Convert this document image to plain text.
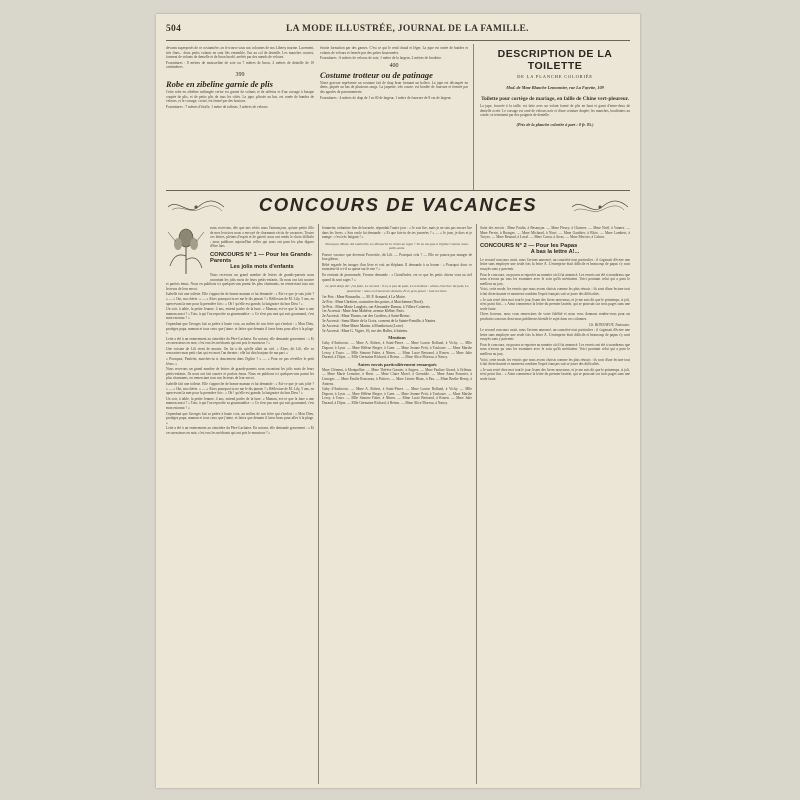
504	LA MODE ILLUSTRÉE, JOURNAL DE LA FAMILLE.

devants superposés de ce costumière, on le trouve sous nos colonnes de nos Liberty marine. Lacement, très fines... deux petits volants en sont liés ensemble, l'un au col de dentelle. Les manches courtes, forment de volants de dentelle et de linon brodé, arrêtés par des nœuds de velours.

Fournitures : 8 mètres de mousseline de soie ou 7 mètres de linon, 2 mètres de dentelle de 10 centimètres.

399
Robe en zibeline garnie de plis

Cette robe en zibeline mélangée cerise est garnie de volants et de taffetas et d'un corsage à basque coupée de plis, et de petits plis de tous les côtés. La jupe, plissée au bas, est ornée de bandes de velours, et le corsage, croisé, est fermé par des boutons.

Fournitures : 7 mètres d'étoffe, 1 mètre de taffetas, 3 mètres de velours.

étroite formation par des ganses. C'est ce qui le rend chaud et léger. La jupe est ornée de bandes et volants de velours et fermée par des pattes boutonnées.

Fournitures : 6 mètres de velours de soie, 1 mètre de la largeur, 2 mètres de broderie.

400
Costume trotteur ou de patinage

Notre gravure représente un costume fait de drap brun formant un boléro. La jupe est découpée en dents, piquée au bas de plusieurs rangs. La jaquette, très courte, est bordée de fourrure et fermée par des agrafes de passementerie.

Fournitures : 4 mètres de drap de 1 m 40 de largeur, 1 mètre de fourrure de 8 cm de largeur.

DESCRIPTION DE LA TOILETTE
DE LA PLANCHE COLORIÉE
Mod. de Mme Blanche Lemonnier, rue La Fayette, 109
Toilette pour cortège de mariage, en faille de Chine vert-pleureur.

La jupe, froncée à la taille, est faite avec un volant formé de plis en haut et garni d'entre-deux de dentelle ocrée. Le corsage est orné de velours noir et d'une ceinture drapée; les manches, bouffantes au coude, se terminent par des poignets de dentelle.

(Prix de la planche coloriée à part : 0 fr. 85.)
CONCOURS DE VACANCES

nous recevons, dès que nos récits nous l'annonçons, qu'une petite fille de mes lectrices nous a envoyé de charmants récits de vacances. Toutes ces lettres, pleines d'esprit et de gaieté, nous ont rendu le choix difficile ; nous publions aujourd'hui celles qui nous ont paru les plus dignes d'être lues.

CONCOURS N° 1 — Pour les Grands-Parents
Les jolis mots d'enfants

Nous recevons un grand nombre de lettres de grands-parents nous racontant les jolis mots de leurs petits-enfants. Ils nous ont fait sourire et parfois émus. Nous en publions ici quelques-uns parmi les plus charmants, en remerciant tous nos lecteurs de leur envoi.

Isabelle fait une toilette. Elle s'approche de bonne maman et lui demande : « Est-ce que je suis jolie ? » — « Oui, ma chérie. » — « Alors pourquoi tu ne me le dis jamais ? » Réflexion de M. Lily, 5 ans, en apercevant la mer pour la première fois : « Oh ! qu'elle est grande, la baignoire du bon Dieu ! »

Un soir, à table, la petite Jeanne, 4 ans, entend parler de la lune. « Maman, est-ce que la lune a une maman aussi ? » Toto, à qui l'on reproche sa gourmandise : « Ce n'est pas moi qui suis gourmand, c'est mon estomac ! »

Cependant que Georges fait sa prière à haute voix, au milieu de son frère qui s'endort : « Mon Dieu, protégez papa, maman et tous ceux que j'aime, et faites que demain il fasse beau pour aller à la plage. »

Lette a été à un enterrement au cimetière du Père-Lachaise. En sortant, elle demande gravement : « Et ces messieurs en noir, c'est eux les méchants qui ont pris le monsieur ? »

Une voisine de Lili vient de mourir. On lui a dit qu'elle allait au ciel. « Alors, dit Lili, elle va rencontrer mon petit chat qui est mort l'an dernier ; elle lui dira bonjour de ma part. »

« Pourquoi, Paulette, marches-tu si doucement dans l'église ? » — « Pour ne pas réveiller le petit Jésus. »

Nous recevons un grand nombre de lettres de grands-parents nous racontant les jolis mots de leurs petits-enfants. Ils nous ont fait sourire et parfois émus. Nous en publions ici quelques-uns parmi les plus charmants, en remerciant tous nos lecteurs de leur envoi.

Isabelle fait une toilette. Elle s'approche de bonne maman et lui demande : « Est-ce que je suis jolie ? » — « Oui, ma chérie. » — « Alors pourquoi tu ne me le dis jamais ? » Réflexion de M. Lily, 5 ans, en apercevant la mer pour la première fois : « Oh ! qu'elle est grande, la baignoire du bon Dieu ! »

Un soir, à table, la petite Jeanne, 4 ans, entend parler de la lune. « Maman, est-ce que la lune a une maman aussi ? » Toto, à qui l'on reproche sa gourmandise : « Ce n'est pas moi qui suis gourmand, c'est mon estomac ! »

Cependant que Georges fait sa prière à haute voix, au milieu de son frère qui s'endort : « Mon Dieu, protégez papa, maman et tous ceux que j'aime, et faites que demain il fasse beau pour aller à la plage. »

Lette a été à un enterrement au cimetière du Père-Lachaise. En sortant, elle demande gravement : « Et ces messieurs en noir, c'est eux les méchants qui ont pris le monsieur ? »

Jeannette, enfantine fine de bavarde, répondait l'autre jour : « Je sais lire, mais je ne sais pas encore lire dans les livres. » Son oncle lui demande : « Et que fais-tu de tes journées ? » — « Je joue, je dors et je mange : c'est très fatigant ! »

Pourquoi, Minet, dis Gabrielle, Le dimanche tu restes au logis ? Tu ne vas pas à l'église Comme nous, petits amis.

Pauvre vacance que devenait Prosertite, dit Lili. — Pourquoi cela ? — Elle ne pourra pas manger de bon gâteau.

Bébé regarde les images d'un livre et voit un éléphant. Il demande à sa bonne : « Pourquoi donc ce monsieur-là a-t-il sa queue sur le nez ? »

En rentrant de promenade, Yvonne demande : « Grand'mère, est-ce que les petits chiens vont au ciel quand ils sont sages ? »

Le petit doigt dit : j'ai faim, Le second : il n'y a pas de pain, Le troisième : allons chercher du pain, Le quatrième : nous en trouverons demain, Et le gros pouce : tout ira bien.

1er Prix : Mme Rousselin. — M. P. Armand, à La Motte.

2e Prix : Mme Chrétien, couturière des postes, à Marchienne (Nord).

3e Prix : Mme Marie Langlois, rue Alexandre-Dumas, à Villers-Cotterets.

1er Accessit : Mme Jean Maltérie, avenue Kléber, Paris.

2e Accessit : Mme Thoma, rue des Cordiers, à Saint-Brieuc.

3e Accessit : Sœur Marie de la Croix, couvent de la Sainte-Famille, à Nantes.

4e Accessit : Mme Marie Martin, à Montbrison (Loire).

5e Accessit : Mme G. Vigier, 16, rue des Halles, à Saintes.

Mentions

Gaby d'Ambrosio. — Mme A. Robert, à Saint-Pierre. — Mme Louise Rolland, à Vichy. — Mlle Dupont, à Lyon. — Mme Hélène Berger, à Caen. — Mme Jeanne Petit, à Toulouse. — Mme Marthe Leroy, à Tours. — Mlle Simone Fabre, à Nîmes. — Mme Lucie Bertrand, à Rouen. — Mme Julie Durand, à Dijon. — Mlle Germaine Richard, à Reims. — Mme Alice Moreau, à Nancy.

Autres envois particulièrement remarqués

Mme Clément, à Montpellier. — Mme Thérèse Garnier, à Angers. — Mme Pauline Girard, à Orléans. — Mme Marie Lemoine, à Brest. — Mme Claire Morel, à Grenoble. — Mme Anna Fournier, à Limoges. — Mme Émilie Rousseau, à Poitiers. — Mme Léonie Blanc, à Pau. — Mme Berthe Henry, à Amiens.

Gaby d'Ambrosio. — Mme A. Robert, à Saint-Pierre. — Mme Louise Rolland, à Vichy. — Mlle Dupont, à Lyon. — Mme Hélène Berger, à Caen. — Mme Jeanne Petit, à Toulouse. — Mme Marthe Leroy, à Tours. — Mlle Simone Fabre, à Nîmes. — Mme Lucie Bertrand, à Rouen. — Mme Julie Durand, à Dijon. — Mlle Germaine Richard, à Reims. — Mme Alice Moreau, à Nancy.

Suite des envois : Mme Paulin, à Besançon. — Mme Fleury, à Chartres. — Mme Noël, à Vannes. — Mme Perrin, à Bourges. — Mme Michaud, à Niort. — Mme Gauthier, à Blois. — Mme Lambert, à Troyes. — Mme Renaud, à Laval. — Mme Caron, à Arras. — Mme Mercier, à Cahors.

CONCOURS N° 2 — Pour les Papas
A bas la lettre A!...

Le second concours avait, nous l'avions annoncé, un caractère tout particulier : il s'agissait d'écrire une lettre sans employer une seule fois la lettre A. L'entreprise était difficile et beaucoup de papas s'y sont essayés sans y parvenir.

Pour le concours, on pourra se reporter au numéro où il fut annoncé. Les envois ont été si nombreux que nous n'avons pu tous les examiner avec le soin qu'ils méritaient. Voici pourtant celui qui a paru le meilleur au jury.

Voici, cette mode, les envois que nous avons choisis comme les plus réussis : ils sont d'une lecture tout à fait divertissante et montrent combien l'esprit français sait se jouer des difficultés.

« Je suis resté chez moi tout le jour, lisant des livres nouveaux, et je me suis dit que le printemps, si joli, n'est point fini... » Ainsi commence la lettre du premier lauréat, qui se poursuit sur trois pages sans une seule faute.

Chers lecteurs, nous vous remercions de votre fidélité et nous vous donnons rendez-vous pour un prochain concours dont nous publierons bientôt le sujet dans ces colonnes.

Ch. BONNAFOY, Toutousin.

Le second concours avait, nous l'avions annoncé, un caractère tout particulier : il s'agissait d'écrire une lettre sans employer une seule fois la lettre A. L'entreprise était difficile et beaucoup de papas s'y sont essayés sans y parvenir.

Pour le concours, on pourra se reporter au numéro où il fut annoncé. Les envois ont été si nombreux que nous n'avons pu tous les examiner avec le soin qu'ils méritaient. Voici pourtant celui qui a paru le meilleur au jury.

Voici, cette mode, les envois que nous avons choisis comme les plus réussis : ils sont d'une lecture tout à fait divertissante et montrent combien l'esprit français sait se jouer des difficultés.

« Je suis resté chez moi tout le jour, lisant des livres nouveaux, et je me suis dit que le printemps, si joli, n'est point fini... » Ainsi commence la lettre du premier lauréat, qui se poursuit sur trois pages sans une seule faute.
